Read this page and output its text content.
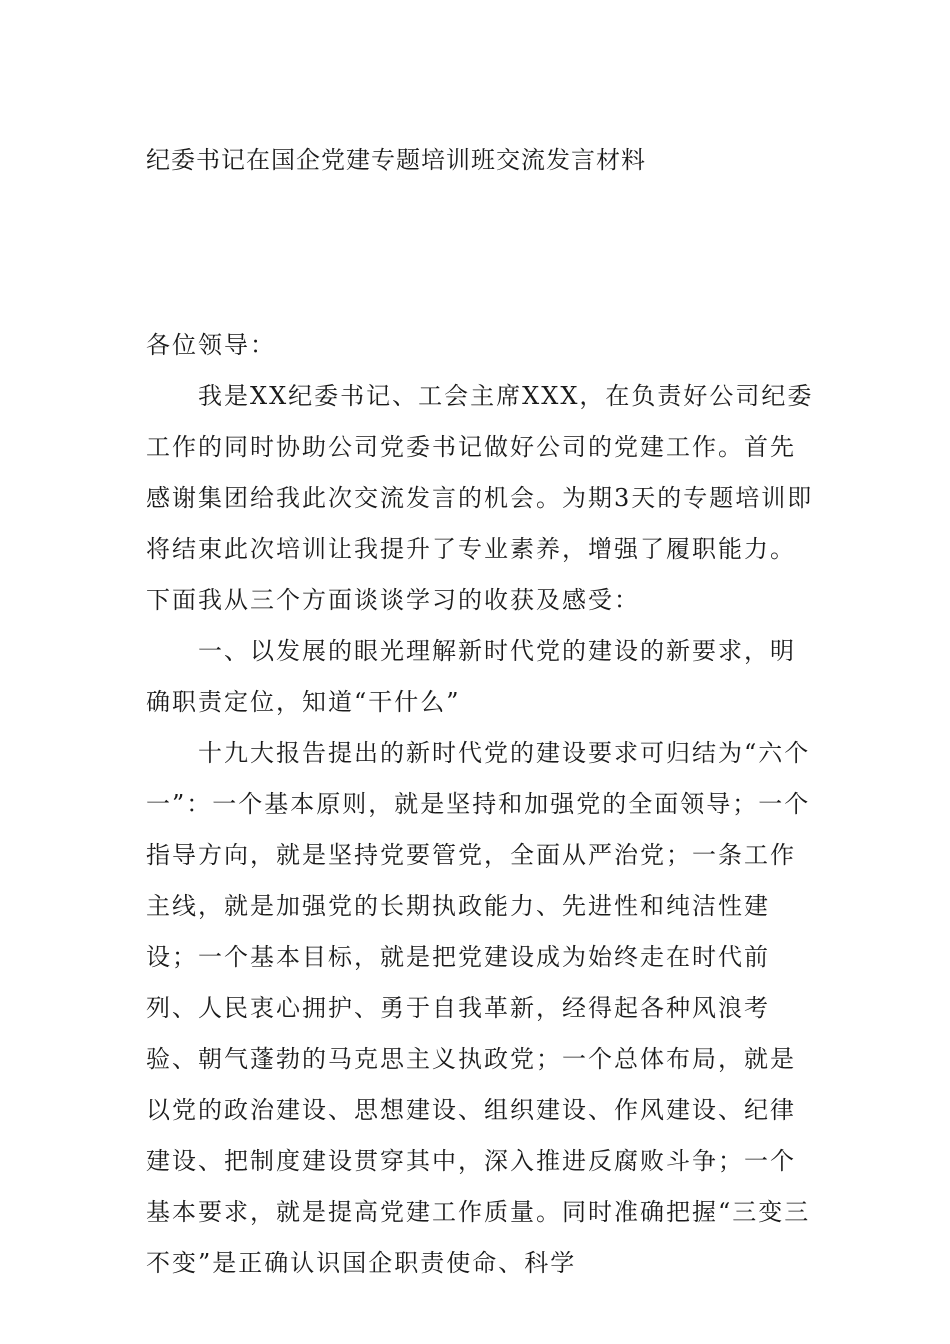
纪委书记在国企党建专题培训班交流发言材料

各位领导：

我是XX纪委书记、工会主席XXX，在负责好公司纪委工作的同时协助公司党委书记做好公司的党建工作。首先感谢集团给我此次交流发言的机会。为期3天的专题培训即将结束此次培训让我提升了专业素养，增强了履职能力。下面我从三个方面谈谈学习的收获及感受：

一、以发展的眼光理解新时代党的建设的新要求，明确职责定位，知道“干什么”

十九大报告提出的新时代党的建设要求可归结为“六个一”：一个基本原则，就是坚持和加强党的全面领导；一个指导方向，就是坚持党要管党，全面从严治党；一条工作主线，就是加强党的长期执政能力、先进性和纯洁性建设；一个基本目标，就是把党建设成为始终走在时代前列、人民衷心拥护、勇于自我革新，经得起各种风浪考验、朝气蓬勃的马克思主义执政党；一个总体布局，就是以党的政治建设、思想建设、组织建设、作风建设、纪律建设、把制度建设贯穿其中，深入推进反腐败斗争；一个基本要求，就是提高党建工作质量。同时准确把握“三变三不变”是正确认识国企职责使命、科学
